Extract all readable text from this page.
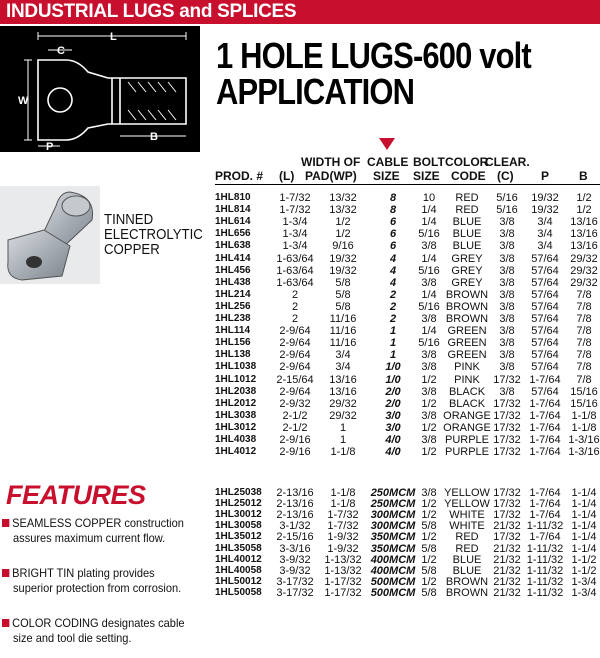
INDUSTRIAL LUGS and SPLICES
L
C
W
P
B
1 HOLE LUGS-600 volt
APPLICATION
TINNED
ELECTROLYTIC
COPPER
WIDTH OF CABLE BOLT COLOR
CLEAR.
PROD. # (L) PAD(WP) SIZE SIZE CODE (C) P B
1HL810	1-7/32	13/32	8	10	RED	5/16	19/32	1/2
1HL814	1-7/32	13/32	8	1/4	RED	5/16	19/32	1/2
1HL614	1-3/4	1/2	6	1/4	BLUE	3/8	3/4	13/16
1HL656	1-3/4	1/2	6	5/16	BLUE	3/8	3/4	13/16
1HL638	1-3/4	9/16	6	3/8	BLUE	3/8	3/4	13/16
1HL414	1-63/64	19/32	4	1/4	GREY	3/8	57/64	29/32
1HL456	1-63/64	19/32	4	5/16	GREY	3/8	57/64	29/32
1HL438	1-63/64	5/8	4	3/8	GREY	3/8	57/64	29/32
1HL214	2	5/8	2	1/4 BROWN	3/8	57/64	7/8
1HL256	2	5/8	2	5/16 BROWN	3/8	57/64	7/8
1HL238	2	11/16	2	3/8 BROWN	3/8	57/64	7/8
1HL114	2-9/64	11/16	1	1/4 GREEN	3/8	57/64	7/8
1HL156	2-9/64	11/16	1	5/16 GREEN	3/8	57/64	7/8
1HL138	2-9/64	3/4	1	3/8 GREEN	3/8	57/64	7/8
1HL1038	2-9/64	3/4	1/0	3/8	PINK	3/8	57/64	7/8
1HL1012	2-15/64	13/16	1/0	1/2	PINK	17/32 1-7/64	7/8
1HL2038	2-9/64	13/16	2/0	3/8	BLACK	3/8	57/64	15/16
1HL2012	2-9/32	29/32	2/0	1/2	BLACK 17/32 1-7/64 15/16
1HL3038	2-1/2	29/32	3/0	3/8 ORANGE 17/32 1-7/64 1-1/8
1HL3012	2-1/2	1	3/0	1/2 ORANGE 17/32 1-7/64 1-1/8
1HL4038	2-9/16	1	4/0	3/8 PURPLE 17/32 1-7/64 1-3/16
1HL4012	2-9/16	1-1/8	4/0	1/2 PURPLE 17/32 1-7/64 1-3/16
1HL25038	2-13/16	1-1/8	250MCM 3/8 YELLOW 17/32 1-7/64 1-1/4
1HL25012	2-13/16	1-1/8	250MCM 1/2 YELLOW 17/32 1-7/64 1-1/4
1HL30012	2-13/16	1-7/32	300MCM 1/2	WHITE 17/32 1-7/64 1-1/4
1HL30058	3-1/32	1-7/32	300MCM 5/8	WHITE 21/32 1-11/32 1-1/4
1HL35012	2-15/16	1-9/32	350MCM 1/2	RED	17/32 1-7/64 1-1/4
1HL35058	3-3/16	1-9/32	350MCM 5/8	RED	21/32 1-11/32 1-1/4
1HL40012	3-9/32	1-13/32 400MCM 1/2	BLUE	21/32 1-11/32 1-1/2
1HL40058	3-9/32	1-13/32 400MCM 5/8	BLUE	21/32 1-11/32 1-1/2
1HL50012	3-17/32 1-17/32 500MCM 1/2 BROWN 21/32 1-11/32 1-3/4
1HL50058	3-17/32 1-17/32 500MCM 5/8 BROWN 21/32 1-11/32 1-3/4
FEATURES
SEAMLESS COPPER construction
assures maximum current flow.
BRIGHT TIN plating provides
superior protection from corrosion.
COLOR CODING designates cable
size and tool die setting.
